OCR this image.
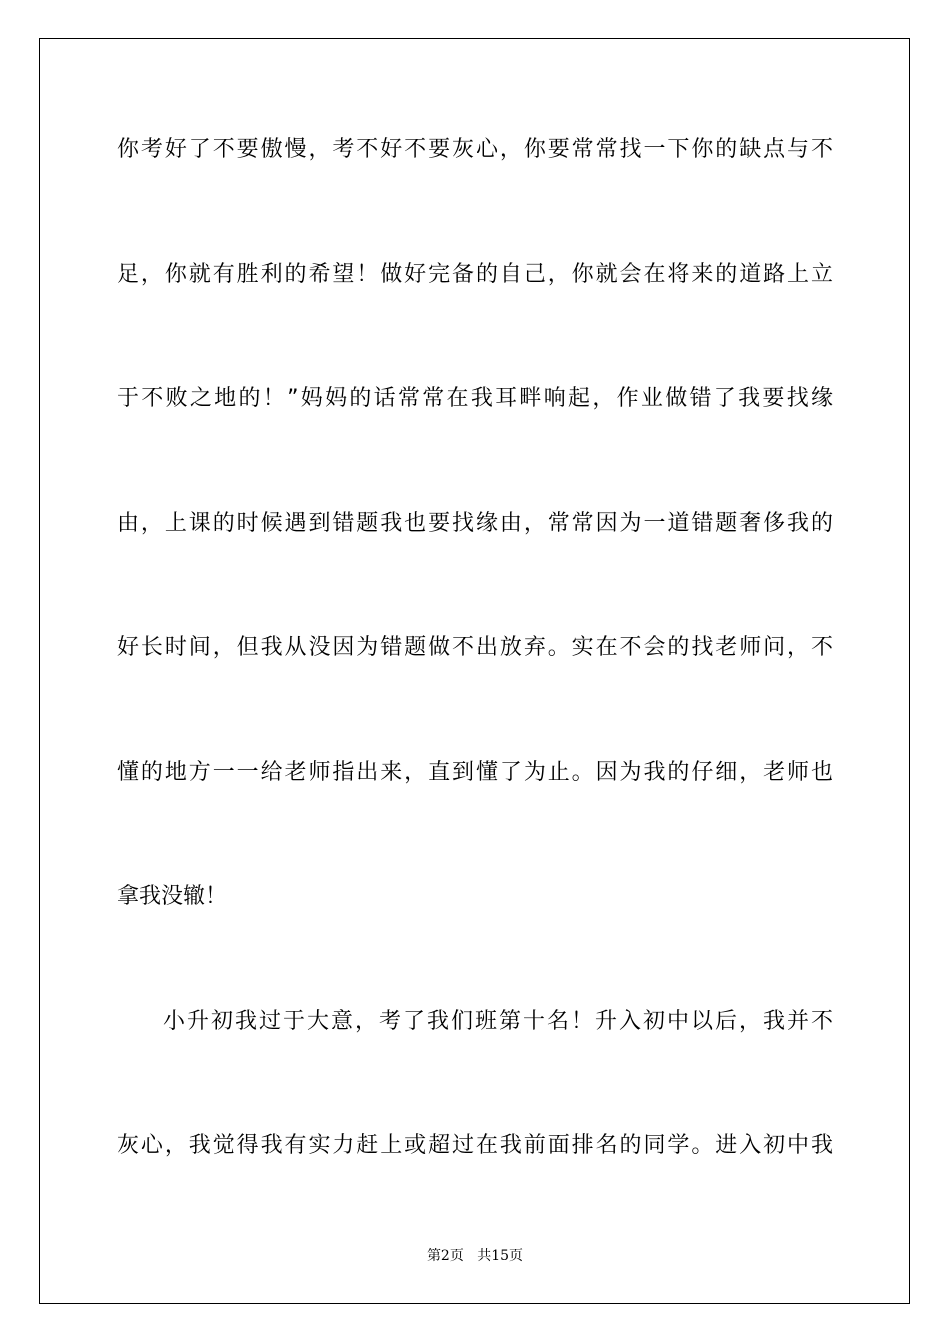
你考好了不要傲慢，考不好不要灰心，你要常常找一下你的缺点与不
足，你就有胜利的希望！做好完备的自己，你就会在将来的道路上立
于不败之地的！”妈妈的话常常在我耳畔响起，作业做错了我要找缘
由，上课的时候遇到错题我也要找缘由，常常因为一道错题奢侈我的
好长时间，但我从没因为错题做不出放弃。实在不会的找老师问，不
懂的地方一一给老师指出来，直到懂了为止。因为我的仔细，老师也
拿我没辙！
小升初我过于大意，考了我们班第十名！升入初中以后，我并不
灰心，我觉得我有实力赶上或超过在我前面排名的同学。进入初中我
第2页 共15页
